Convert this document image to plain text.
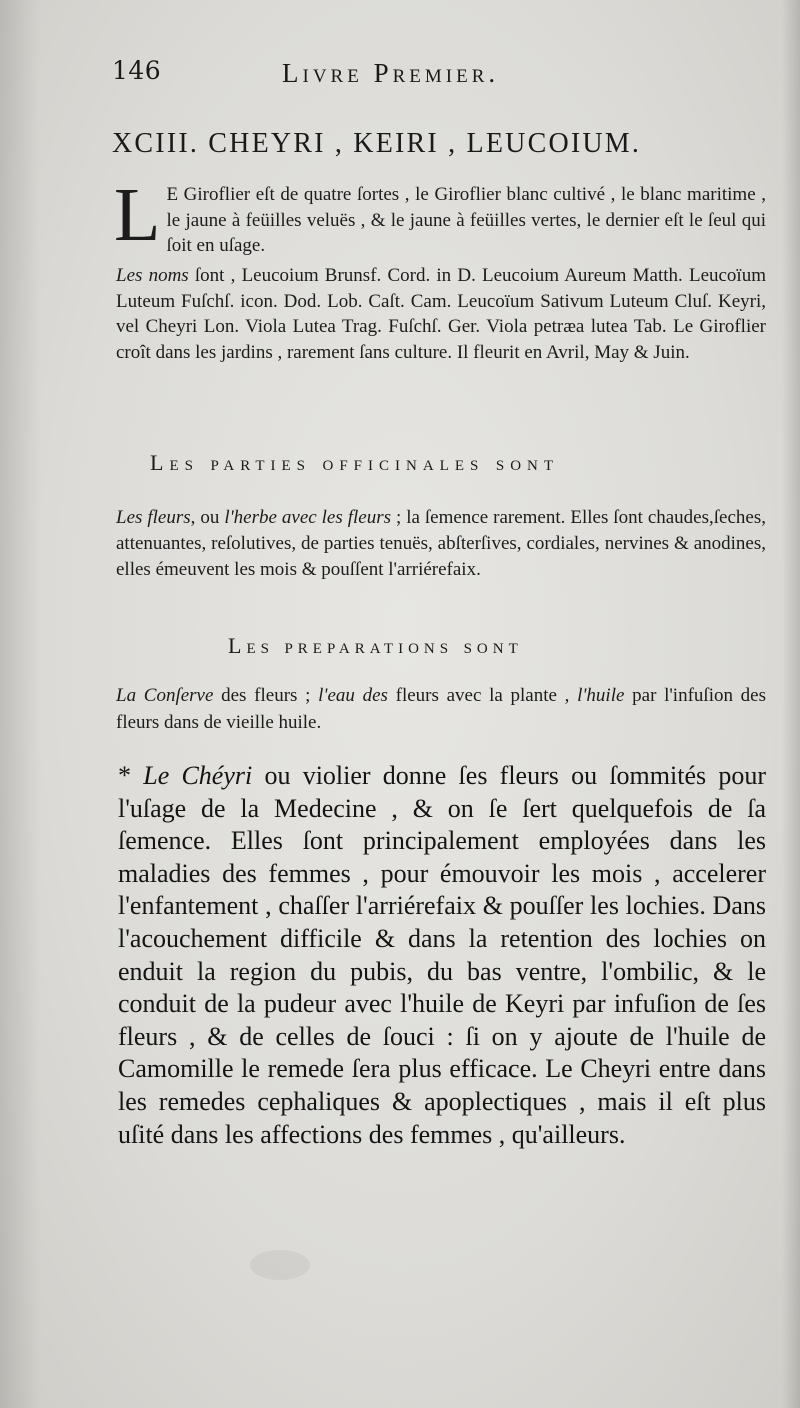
146	Livre Premier.
XCIII. CHEYRI , KEIRI , LEUCOIUM.
L E Giroflier eſt de quatre ſortes , le Giroflier blanc cultivé , le blanc maritime , le jaune à feüilles veluës , & le jaune à feüilles vertes, le dernier eſt le ſeul qui ſoit en uſage.
Les noms ſont , Leucoium Brunsf. Cord. in D. Leucoium Aureum Matth. Leucoïum Luteum Fuſchſ. icon. Dod. Lob. Caſt. Cam. Leucoïum Sativum Luteum Cluſ. Keyri, vel Cheyri Lon. Viola Lutea Trag. Fuſchſ. Ger. Viola petræa lutea Tab. Le Giroflier croît dans les jardins , rarement ſans culture. Il fleurit en Avril, May & Juin.
Les parties officinales sont
Les fleurs, ou l'herbe avec les fleurs ; la ſemence rarement. Elles ſont chaudes,ſeches, attenuantes, reſolutives, de parties tenuës, abſterſives, cordiales, nervines & anodines, elles émeuvent les mois & pouſſent l'arriérefaix.
Les preparations sont
La Conſerve des fleurs ; l'eau des fleurs avec la plante , l'huile par l'infuſion des fleurs dans de vieille huile.
* Le Chéyri ou violier donne ſes fleurs ou ſommités pour l'uſage de la Medecine , & on ſe ſert quelquefois de ſa ſemence. Elles ſont principalement employées dans les maladies des femmes , pour émouvoir les mois , accelerer l'enfantement , chaſſer l'arriérefaix & pouſſer les lochies. Dans l'acouchement difficile & dans la retention des lochies on enduit la region du pubis, du bas ventre, l'ombilic, & le conduit de la pudeur avec l'huile de Keyri par infuſion de ſes fleurs , & de celles de ſouci : ſi on y ajoute de l'huile de Camomille le remede ſera plus efficace. Le Cheyri entre dans les remedes cephaliques & apoplectiques , mais il eſt plus uſité dans les affections des femmes , qu'ailleurs.
